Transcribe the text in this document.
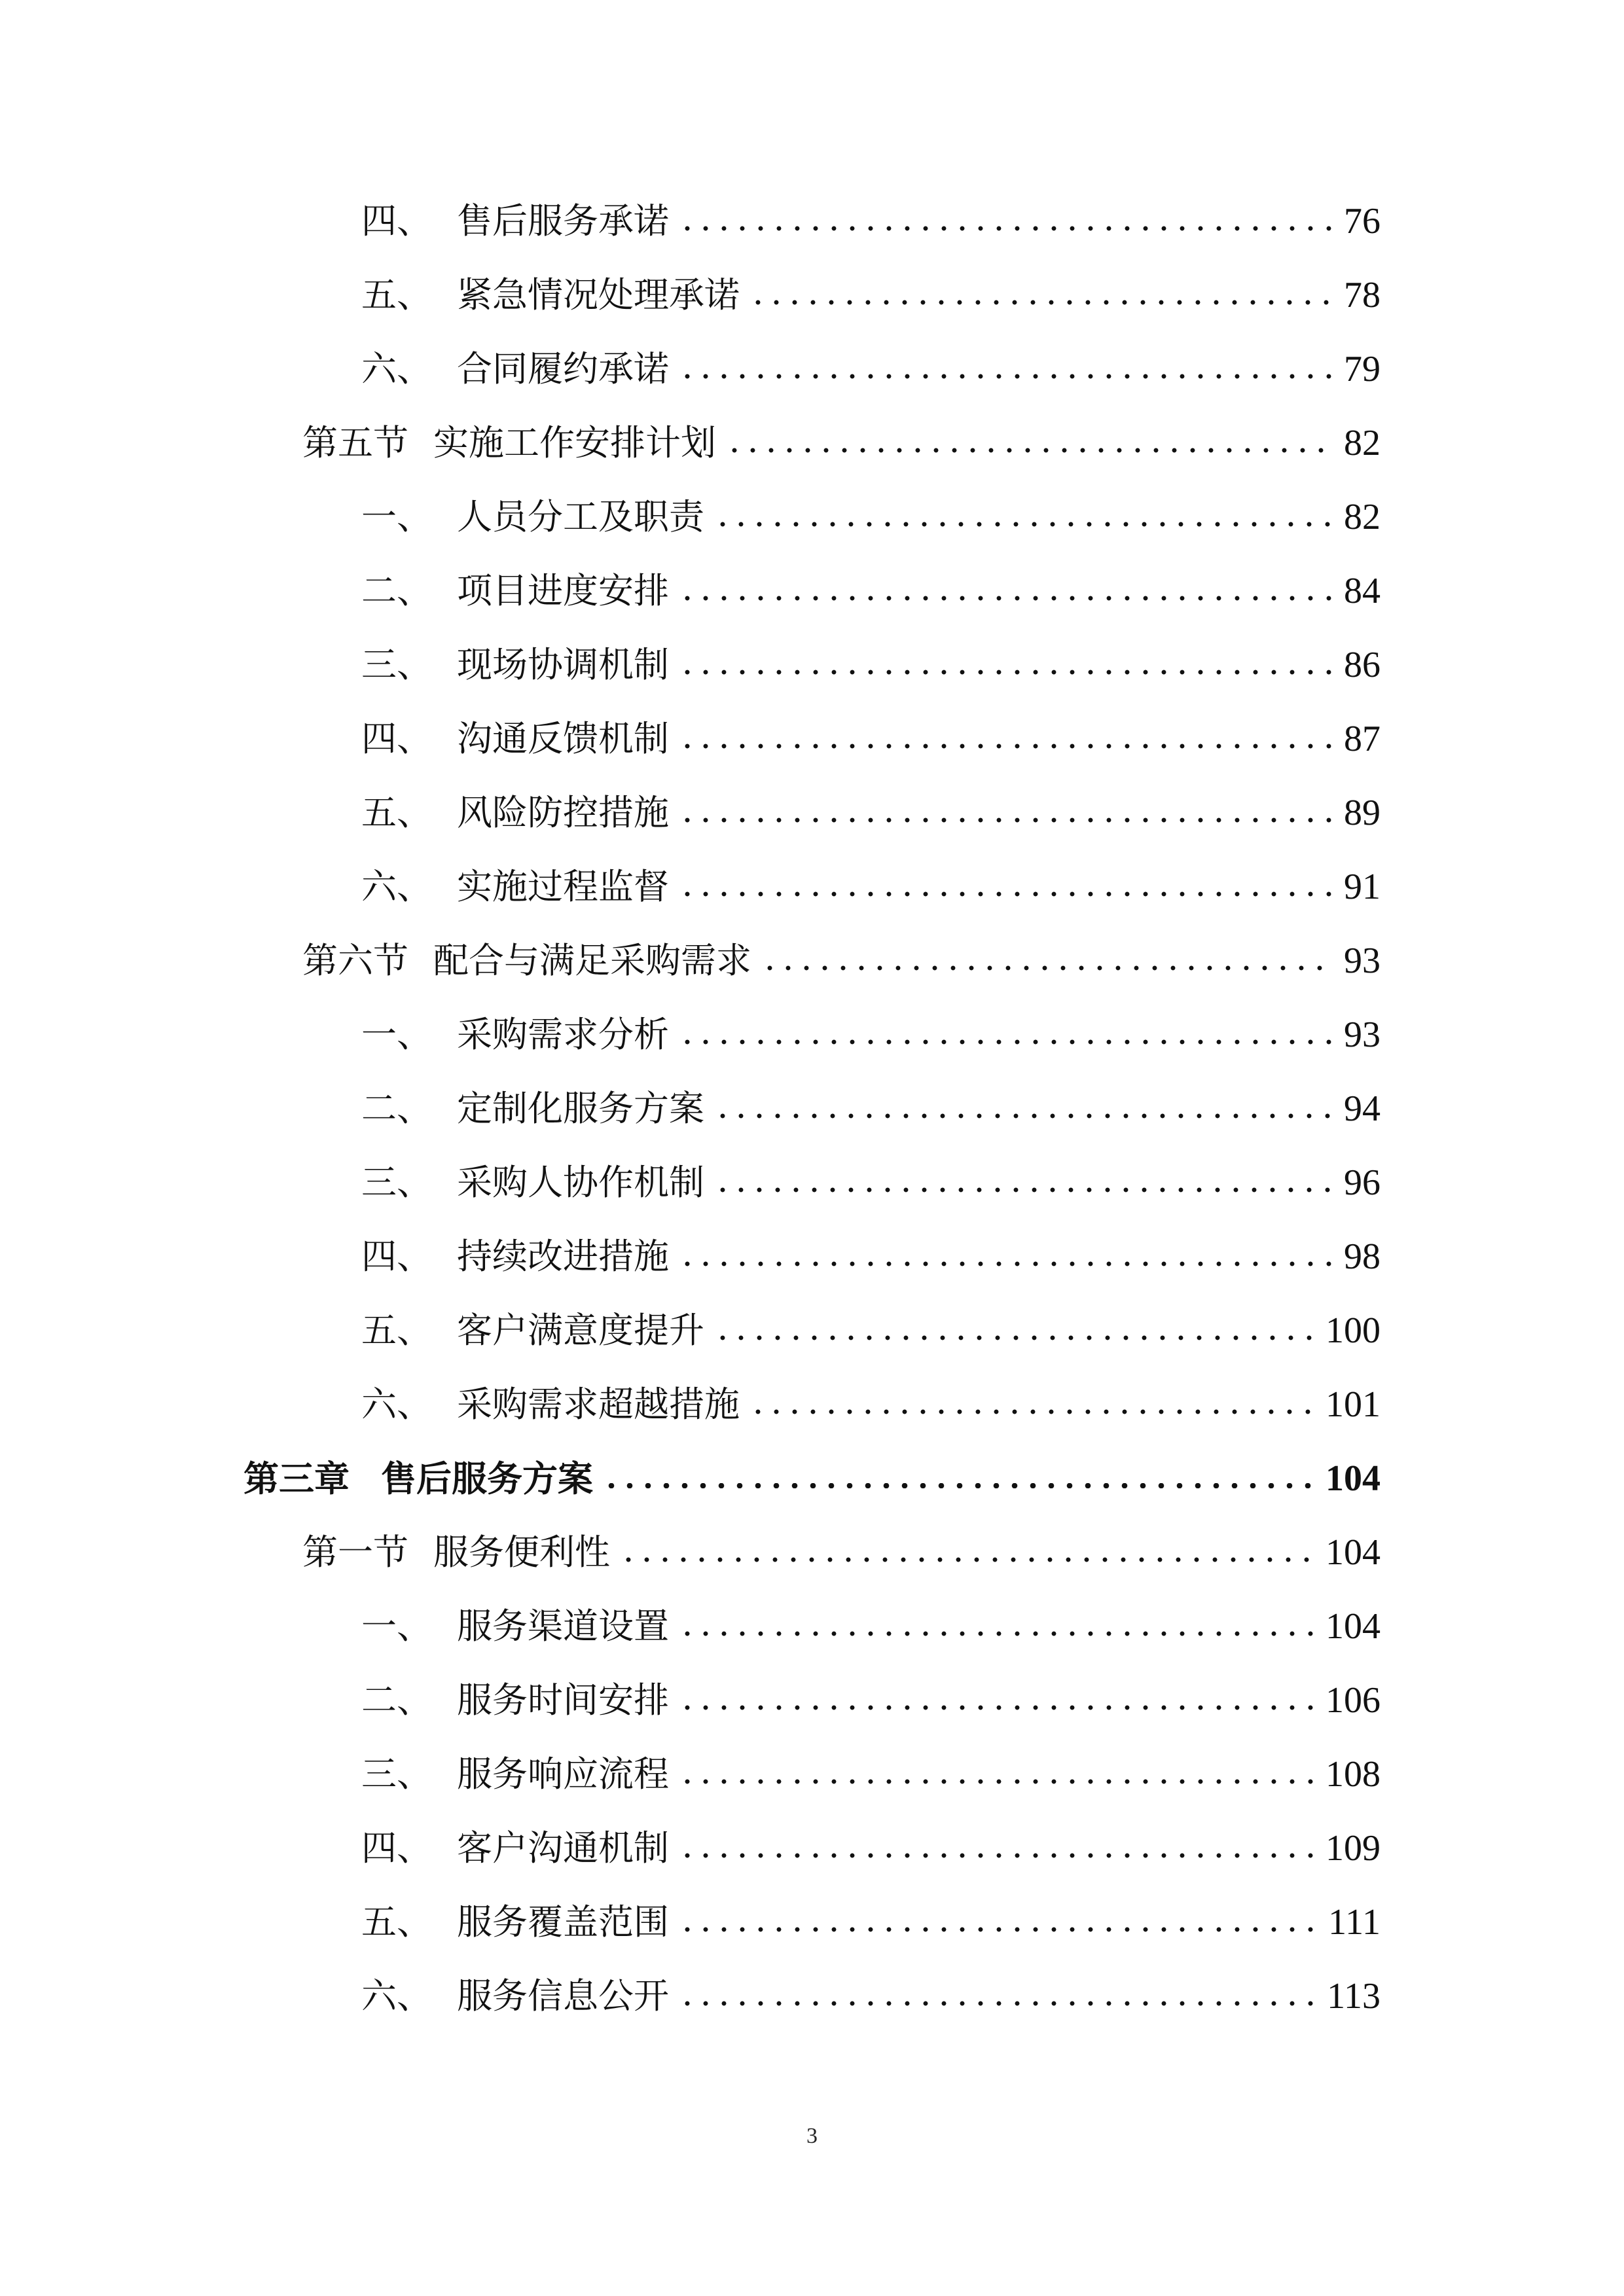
四、 售后服务承诺	76
五、 紧急情况处理承诺	78
六、 合同履约承诺	79
第五节 实施工作安排计划	82
一、 人员分工及职责	82
二、 项目进度安排	84
三、 现场协调机制	86
四、 沟通反馈机制	87
五、 风险防控措施	89
六、 实施过程监督	91
第六节 配合与满足采购需求	93
一、 采购需求分析	93
二、 定制化服务方案	94
三、 采购人协作机制	96
四、 持续改进措施	98
五、 客户满意度提升	100
六、 采购需求超越措施	101
第三章 售后服务方案	104
第一节 服务便利性	104
一、 服务渠道设置	104
二、 服务时间安排	106
三、 服务响应流程	108
四、 客户沟通机制	109
五、 服务覆盖范围	111
六、 服务信息公开	113
3
